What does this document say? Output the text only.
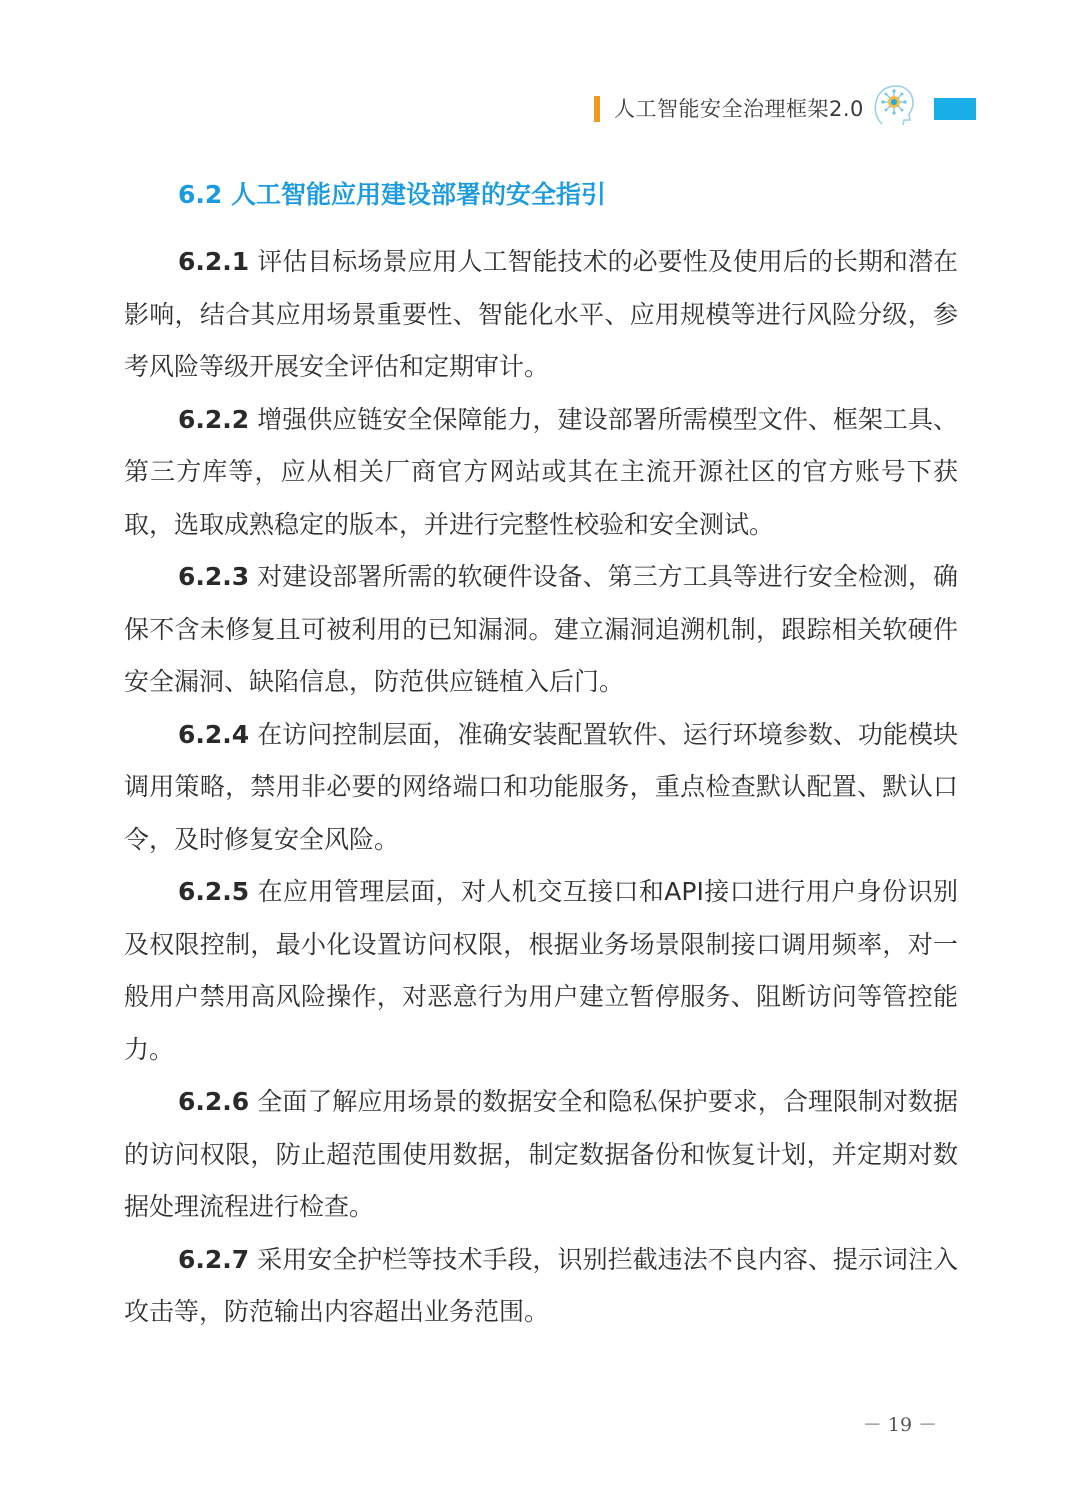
人工智能安全治理框架2.0
6.2 人工智能应用建设部署的安全指引

6.2.1 评估目标场景应用人工智能技术的必要性及使用后的长期和潜在影响，结合其应用场景重要性、智能化水平、应用规模等进行风险分级，参考风险等级开展安全评估和定期审计。

6.2.2 增强供应链安全保障能力，建设部署所需模型文件、框架工具、第三方库等，应从相关厂商官方网站或其在主流开源社区的官方账号下获取，选取成熟稳定的版本，并进行完整性校验和安全测试。

6.2.3 对建设部署所需的软硬件设备、第三方工具等进行安全检测，确保不含未修复且可被利用的已知漏洞。建立漏洞追溯机制，跟踪相关软硬件安全漏洞、缺陷信息，防范供应链植入后门。

6.2.4 在访问控制层面，准确安装配置软件、运行环境参数、功能模块调用策略，禁用非必要的网络端口和功能服务，重点检查默认配置、默认口令，及时修复安全风险。

6.2.5 在应用管理层面，对人机交互接口和API接口进行用户身份识别及权限控制，最小化设置访问权限，根据业务场景限制接口调用频率，对一般用户禁用高风险操作，对恶意行为用户建立暂停服务、阻断访问等管控能力。

6.2.6 全面了解应用场景的数据安全和隐私保护要求，合理限制对数据的访问权限，防止超范围使用数据，制定数据备份和恢复计划，并定期对数据处理流程进行检查。

6.2.7 采用安全护栏等技术手段，识别拦截违法不良内容、提示词注入攻击等，防范输出内容超出业务范围。

－ 19 －
